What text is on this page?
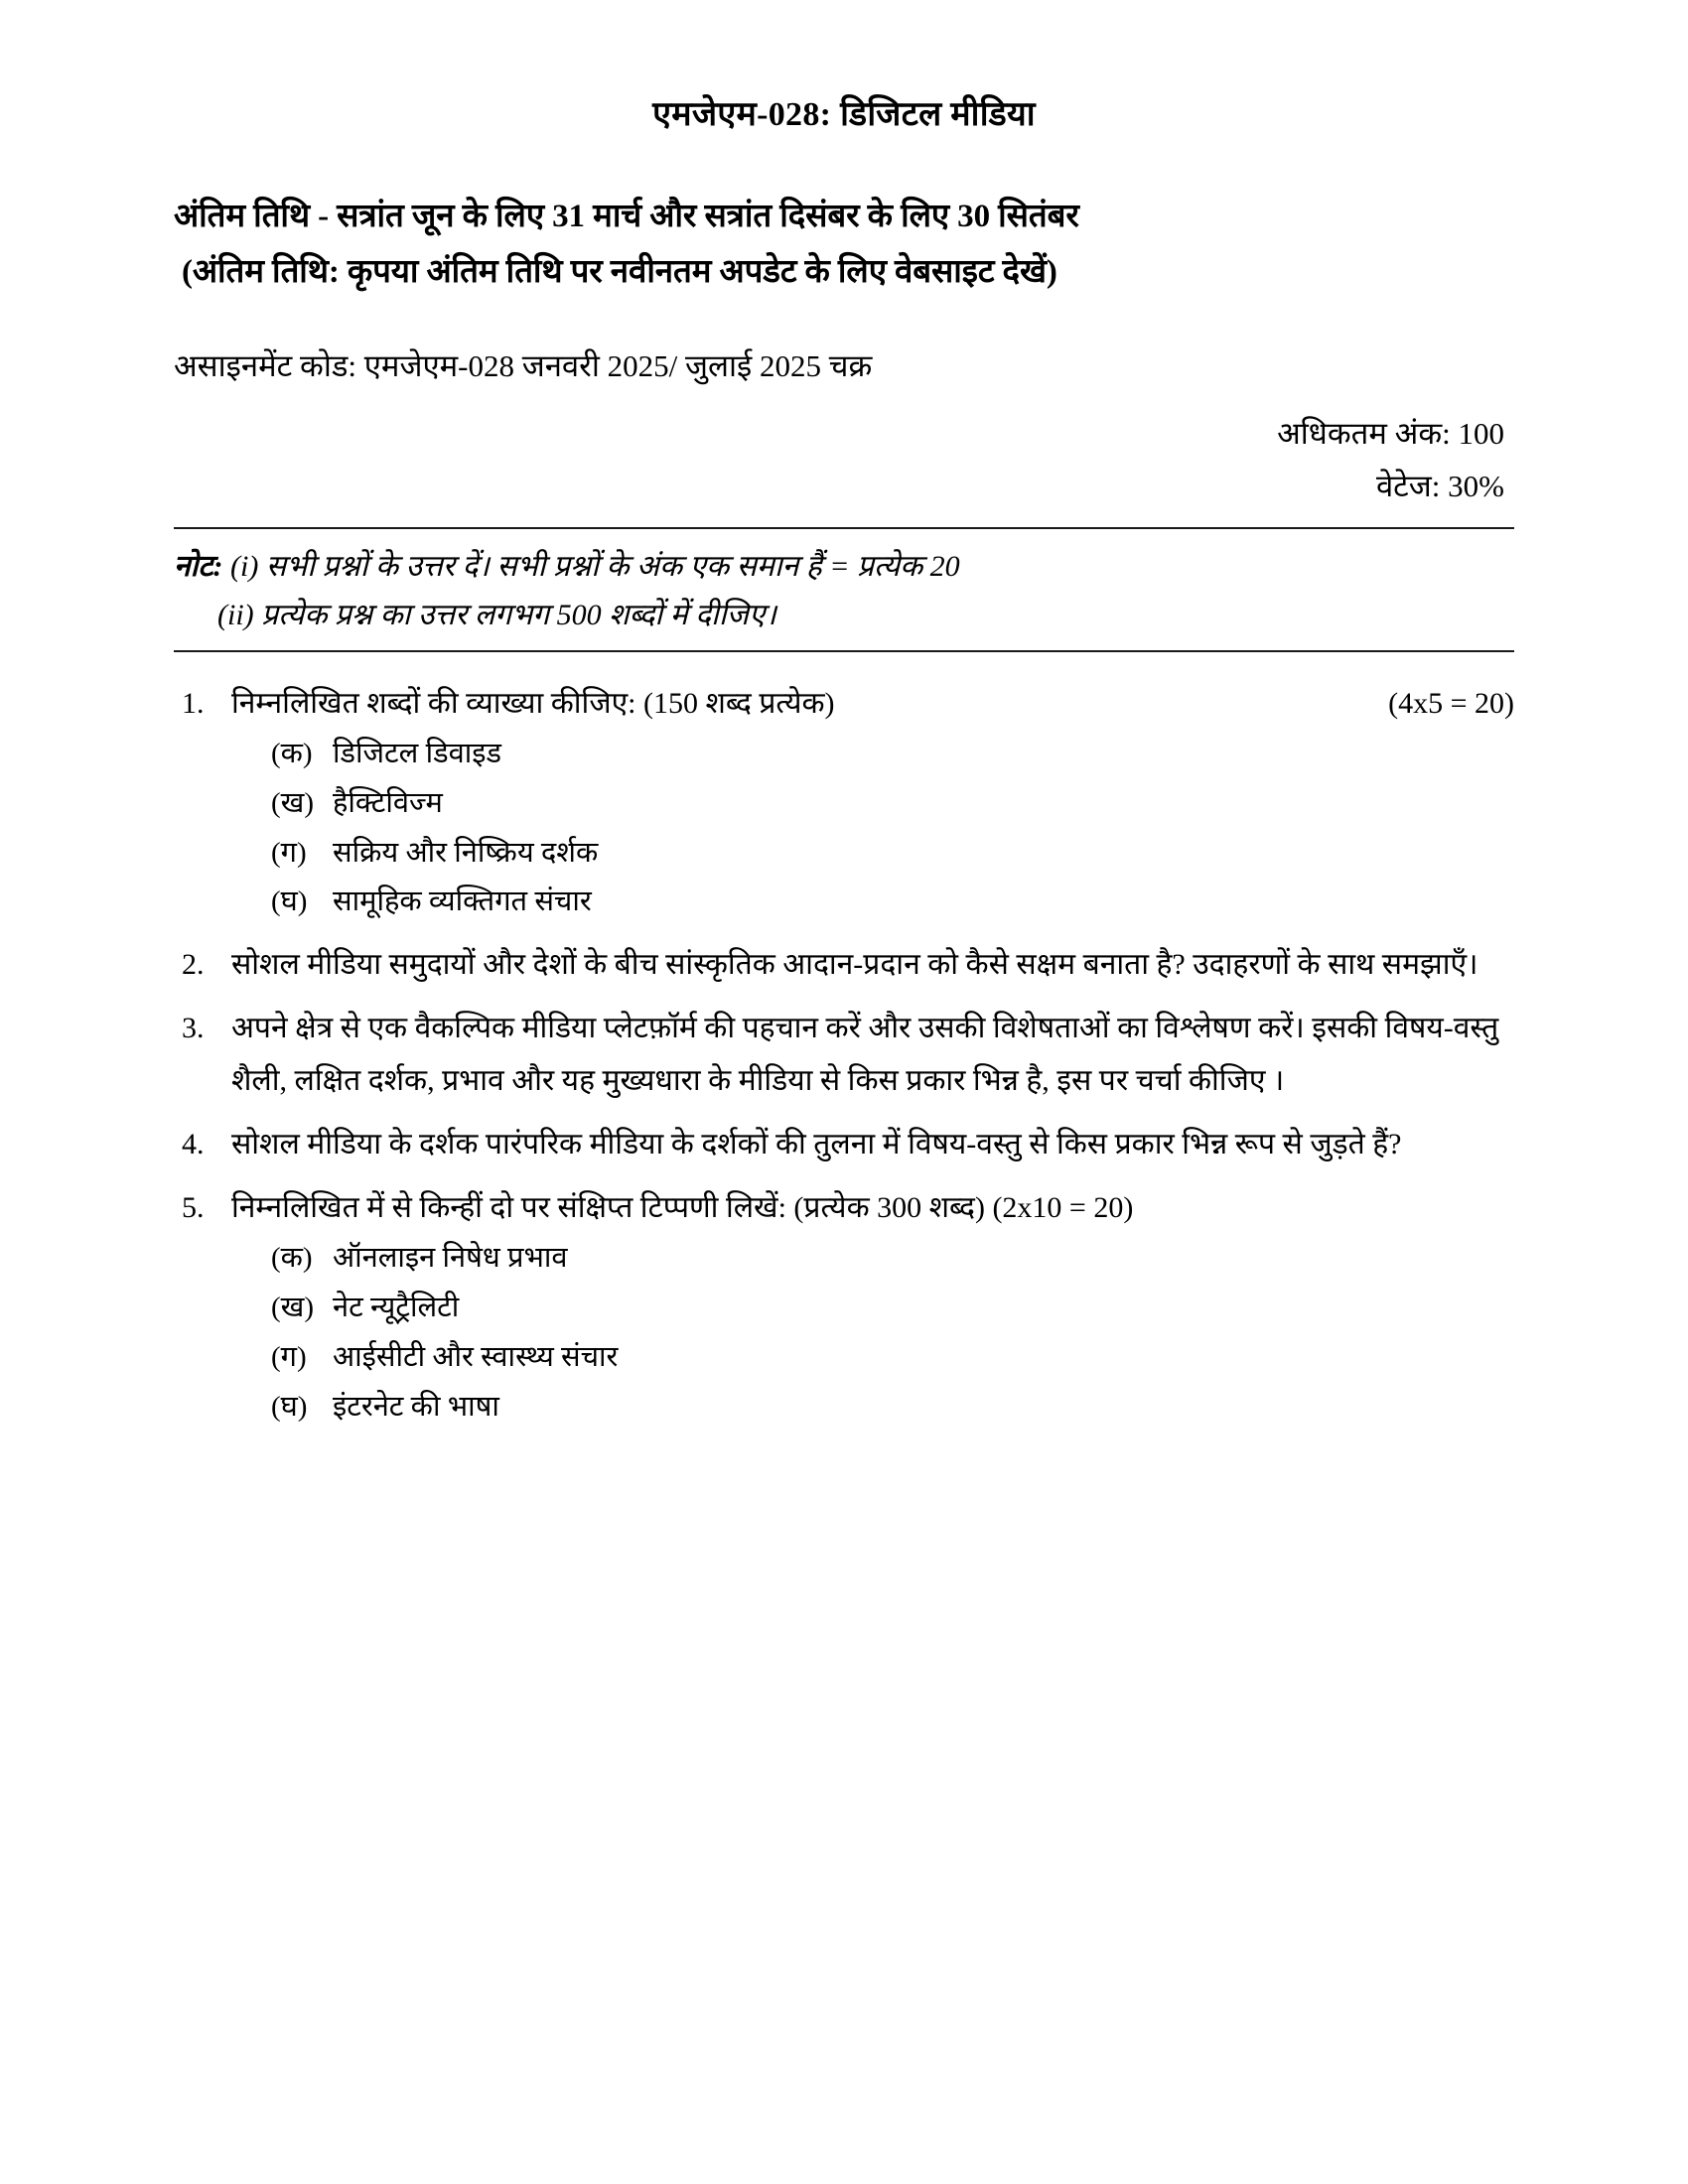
एमजेएम-028: डिजिटल मीडिया
अंतिम तिथि - सत्रांत जून के लिए 31 मार्च और सत्रांत दिसंबर के लिए 30 सितंबर
(अंतिम तिथि: कृपया अंतिम तिथि पर नवीनतम अपडेट के लिए वेबसाइट देखें)
असाइनमेंट कोड: एमजेएम-028 जनवरी 2025/ जुलाई 2025 चक्र
अधिकतम अंक: 100
वेटेज: 30%
नोट: (i) सभी प्रश्नों के उत्तर दें। सभी प्रश्नों के अंक एक समान हैं = प्रत्येक 20
(ii) प्रत्येक प्रश्न का उत्तर लगभग 500 शब्दों में दीजिए।
1.	(4x5 = 20)
निम्नलिखित शब्दों की व्याख्या कीजिए: (150 शब्द प्रत्येक)
(क) डिजिटल डिवाइड
(ख) हैक्टिविज्म
(ग) सक्रिय और निष्क्रिय दर्शक
(घ) सामूहिक व्यक्तिगत संचार
2. सोशल मीडिया समुदायों और देशों के बीच सांस्कृतिक आदान-प्रदान को कैसे सक्षम बनाता है? उदाहरणों के साथ समझाएँ।
3. अपने क्षेत्र से एक वैकल्पिक मीडिया प्लेटफ़ॉर्म की पहचान करें और उसकी विशेषताओं का विश्लेषण करें। इसकी विषय-वस्तु शैली, लक्षित दर्शक, प्रभाव और यह मुख्यधारा के मीडिया से किस प्रकार भिन्न है, इस पर चर्चा कीजिए ।
4. सोशल मीडिया के दर्शक पारंपरिक मीडिया के दर्शकों की तुलना में विषय-वस्तु से किस प्रकार भिन्न रूप से जुड़ते हैं?
5. निम्नलिखित में से किन्हीं दो पर संक्षिप्त टिप्पणी लिखें: (प्रत्येक 300 शब्द) (2x10 = 20)
(क) ऑनलाइन निषेध प्रभाव
(ख) नेट न्यूट्रैलिटी
(ग) आईसीटी और स्वास्थ्य संचार
(घ) इंटरनेट की भाषा
